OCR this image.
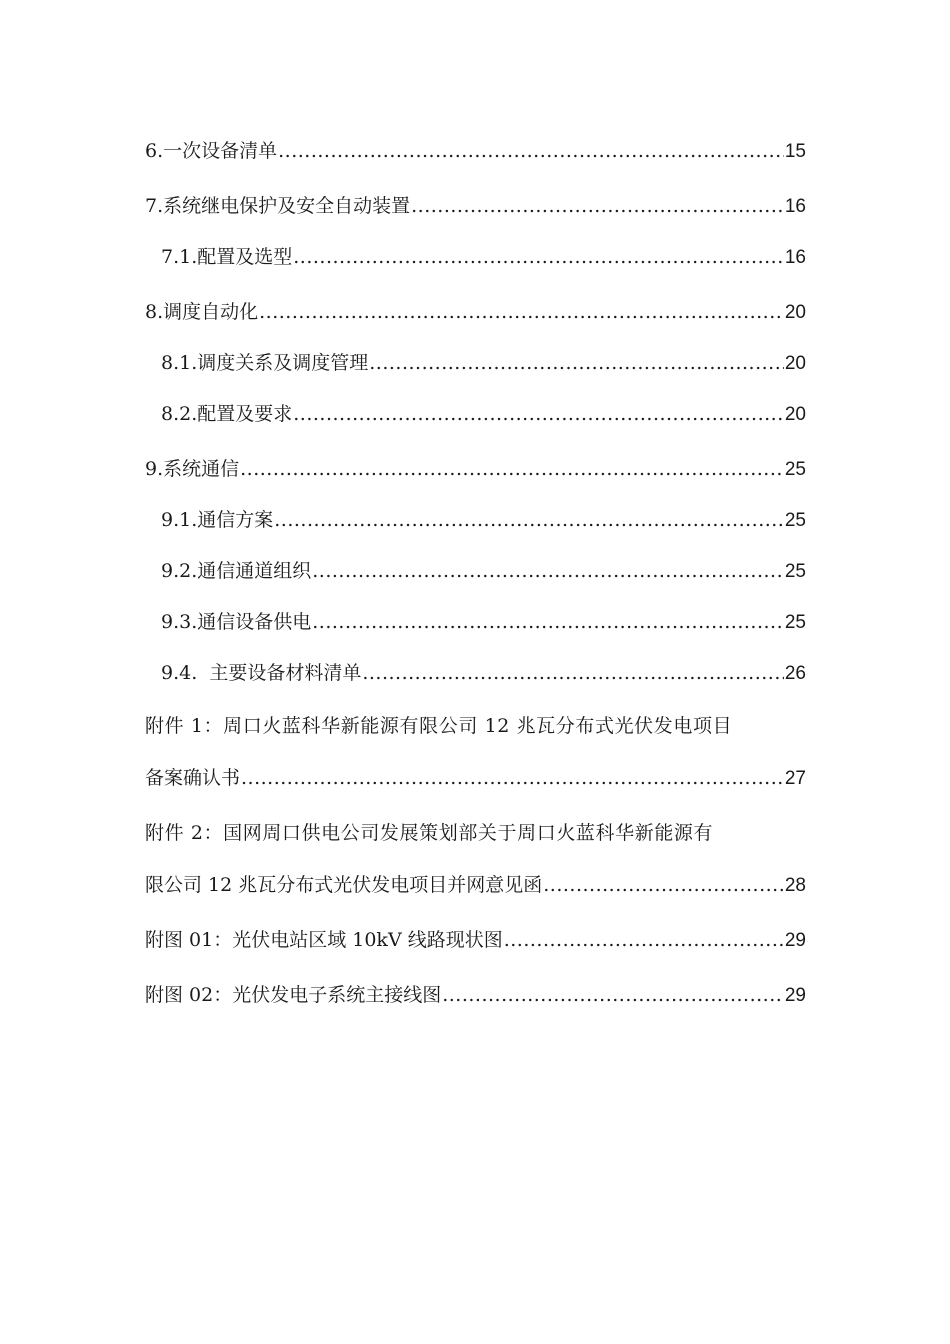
6.一次设备清单 .....	15
7.系统继电保护及安全自动装置 .....	16
7.1.配置及选型 .....	16
8.调度自动化 .....	20
8.1.调度关系及调度管理 .....	20
8.2.配置及要求 .....	20
9.系统通信 .....	25
9.1.通信方案 .....	25
9.2.通信通道组织 .....	25
9.3.通信设备供电 .....	25
9.4.  主要设备材料清单 .....	26
附件 1：周口火蓝科华新能源有限公司 12 兆瓦分布式光伏发电项目
备案确认书 .....	27
附件 2：国网周口供电公司发展策划部关于周口火蓝科华新能源有
限公司 12 兆瓦分布式光伏发电项目并网意见函 .....	28
附图 01：光伏电站区域 10kV 线路现状图 .....	29
附图 02：光伏发电子系统主接线图 .....	29
